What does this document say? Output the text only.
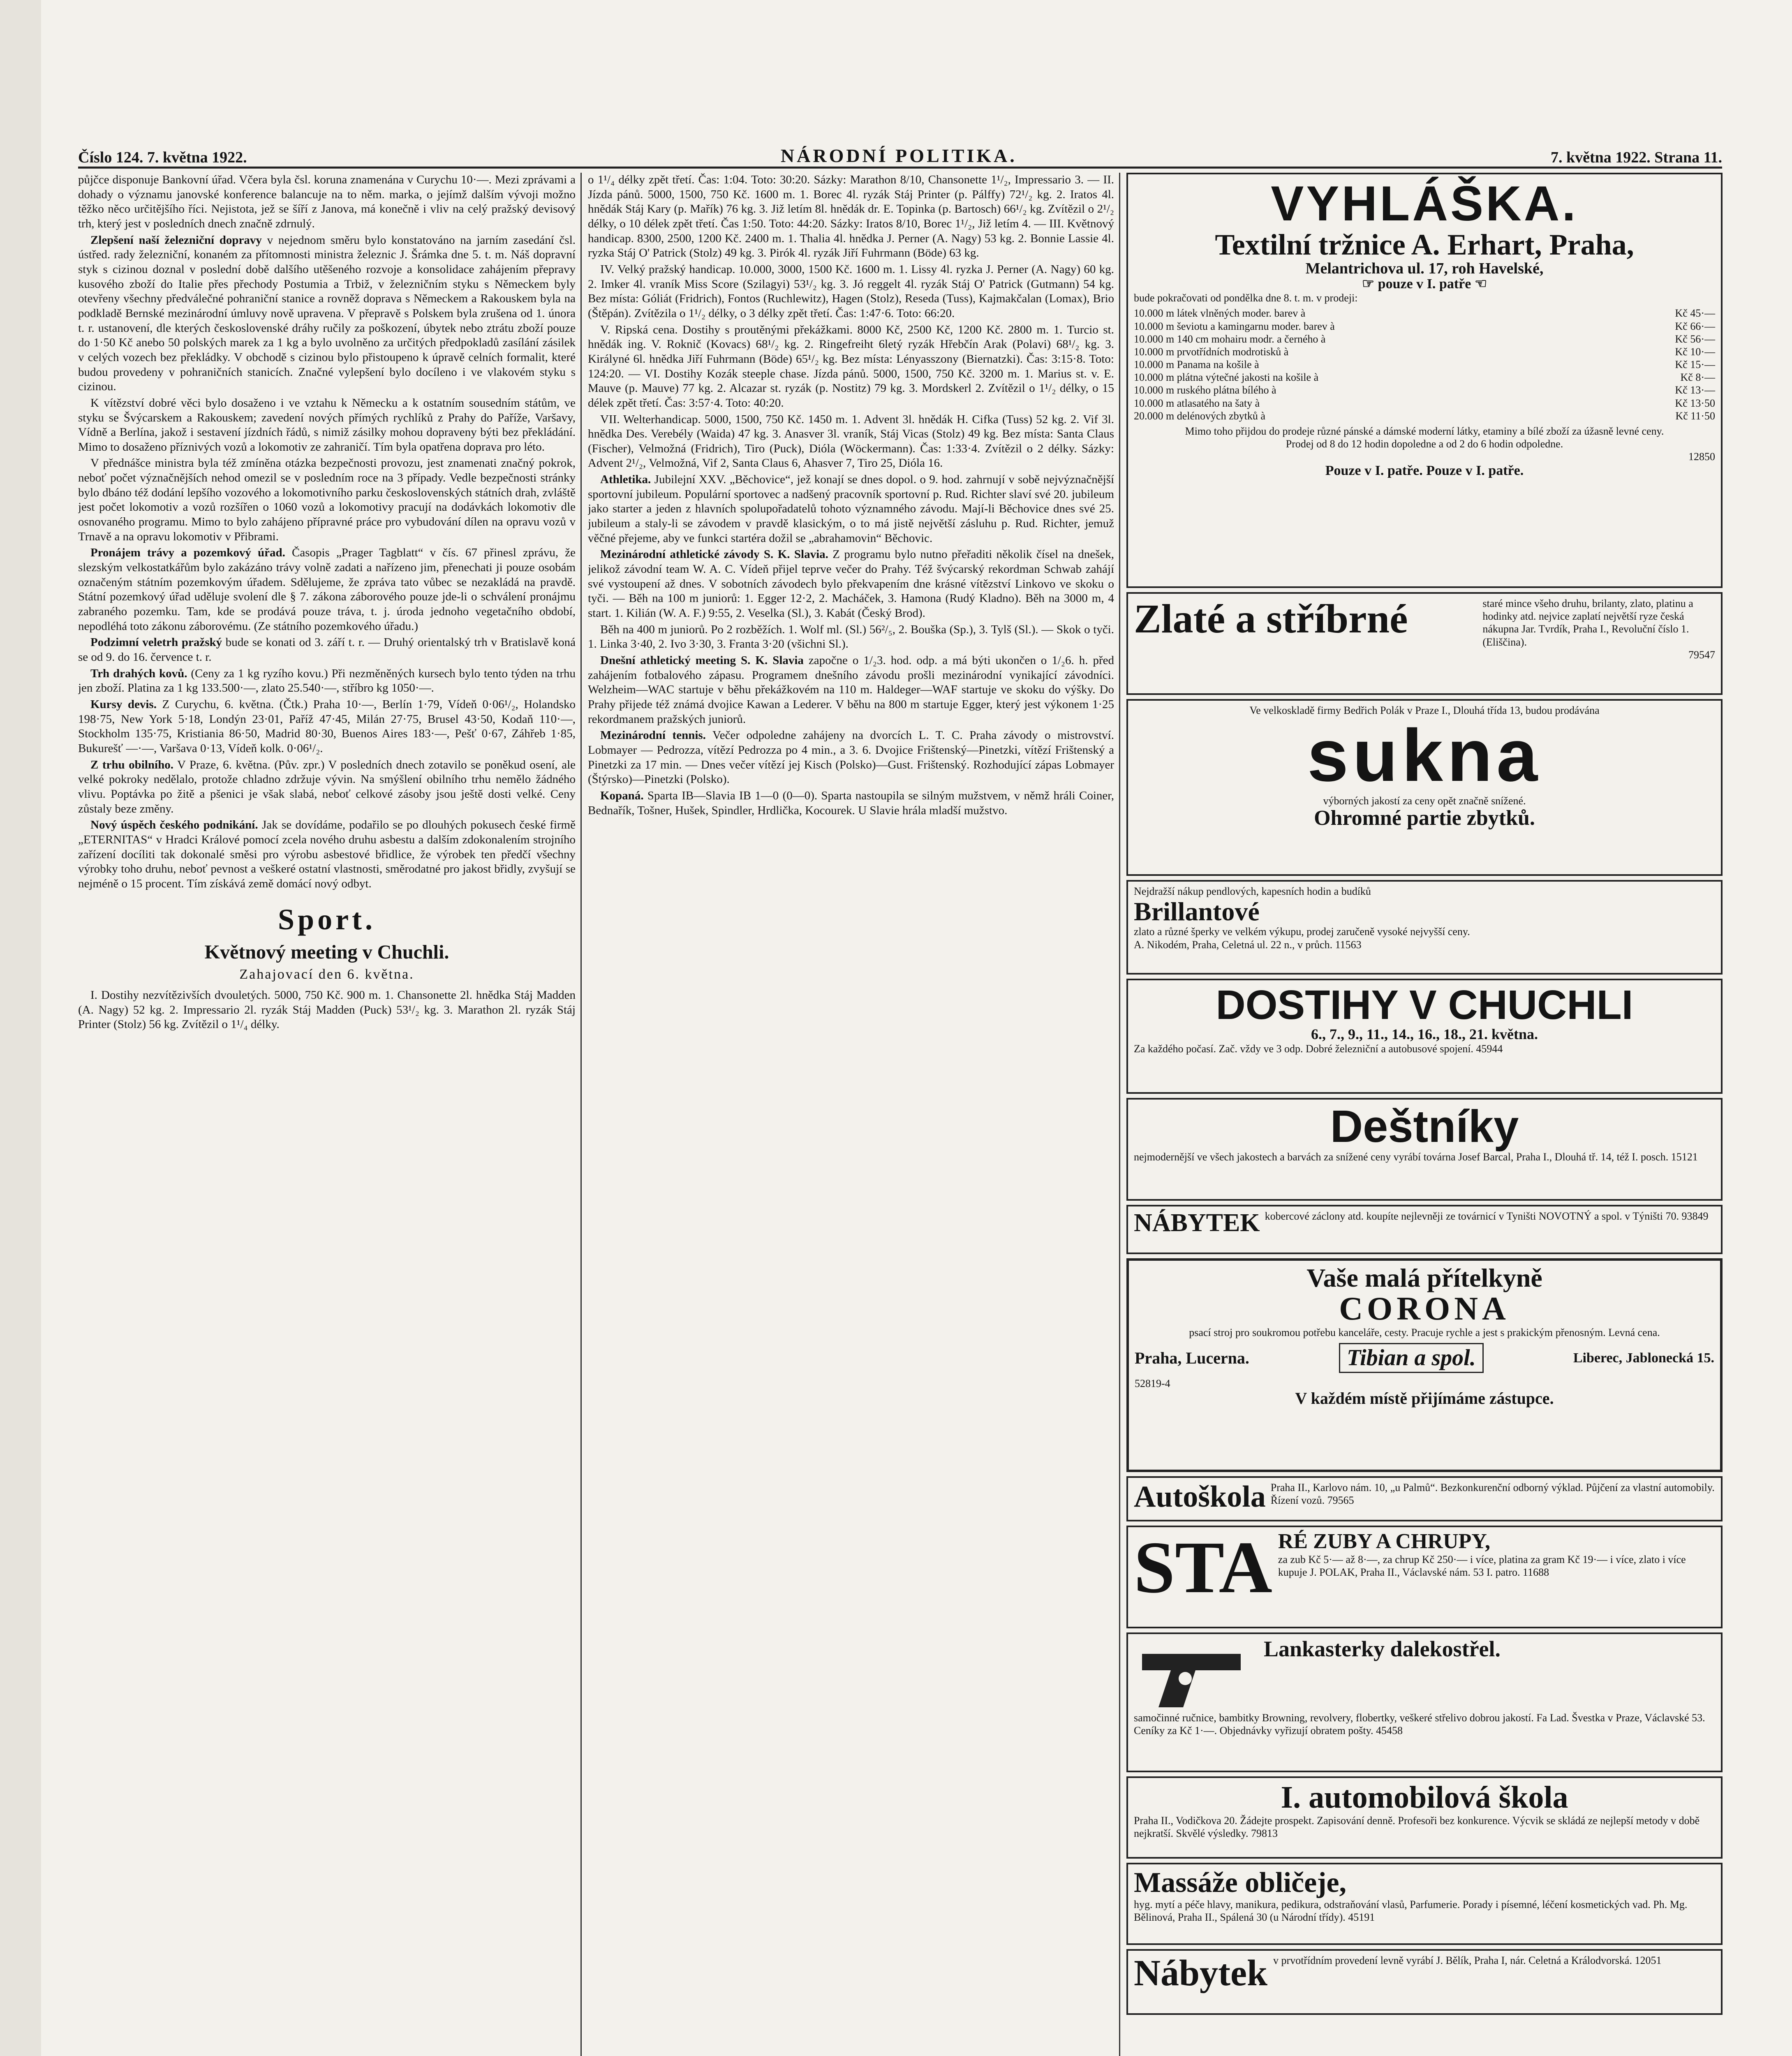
Číslo 124. 7. května 1922.	NÁRODNÍ POLITIKA.	7. května 1922. Strana 11.

půjčce disponuje Bankovní úřad. Včera byla čsl. koruna znamenána v Curychu 10·—. Mezi zprávami a dohady o významu janovské konference balancuje na to něm. marka, o jejímž dalším vývoji možno těžko něco určitějšího říci. Nejistota, jež se šíří z Janova, má konečně i vliv na celý pražský devisový trh, který jest v posledních dnech značně zdrnulý.

Zlepšení naší železniční dopravy v nejednom směru bylo konstatováno na jarním zasedání čsl. ústřed. rady železniční, konaném za přítomnosti ministra železnic J. Šrámka dne 5. t. m. Náš dopravní styk s cizinou doznal v poslední době dalšího utěšeného rozvoje a konsolidace zahájením přepravy kusového zboží do Italie přes přechody Postumia a Trbiž, v železničním styku s Německem byly otevřeny všechny předválečné pohraniční stanice a rovněž doprava s Německem a Rakouskem byla na podkladě Bernské mezinárodní úmluvy nově upravena. V přepravě s Polskem byla zrušena od 1. února t. r. ustanovení, dle kterých československé dráhy ručily za poškození, úbytek nebo ztrátu zboží pouze do 1·50 Kč anebo 50 polských marek za 1 kg a bylo uvolněno za určitých předpokladů zasílání zásilek v celých vozech bez překládky. V obchodě s cizinou bylo přistoupeno k úpravě celních formalit, které budou provedeny v pohraničních stanicích. Značné vylepšení bylo docíleno i ve vlakovém styku s cizinou.

K vítězství dobré věci bylo dosaženo i ve vztahu k Německu a k ostatním sousedním státům, ve styku se Švýcarskem a Rakouskem; zavedení nových přímých rychlíků z Prahy do Paříže, Varšavy, Vídně a Berlína, jakož i sestavení jízdních řádů, s nimiž zásilky mohou dopraveny býti bez překládání. Mimo to dosaženo příznivých vozů a lokomotiv ze zahraničí. Tím byla opatřena doprava pro léto.

V přednášce ministra byla též zmíněna otázka bezpečnosti provozu, jest znamenati značný pokrok, neboť počet význačnějších nehod omezil se v posledním roce na 3 případy. Vedle bezpečnosti stránky bylo dbáno též dodání lepšího vozového a lokomotivního parku československých státních drah, zvláště jest počet lokomotiv a vozů rozšířen o 1060 vozů a lokomotivy pracují na dodávkách lokomotiv dle osnovaného programu. Mimo to bylo zahájeno přípravné práce pro vybudování dílen na opravu vozů v Trnavě a na opravu lokomotiv v Přibrami.

Pronájem trávy a pozemkový úřad. Časopis „Prager Tagblatt“ v čís. 67 přinesl zprávu, že slezským velkostatkářům bylo zakázáno trávy volně zadati a nařízeno jim, přenechati ji pouze osobám označeným státním pozemkovým úřadem. Sdělujeme, že zpráva tato vůbec se nezakládá na pravdě. Státní pozemkový úřad uděluje svolení dle § 7. zákona záborového pouze jde-li o schválení pronájmu zabraného pozemku. Tam, kde se prodává pouze tráva, t. j. úroda jednoho vegetačního období, nepodléhá toto zákonu záborovému. (Ze státního pozemkového úřadu.)

Podzimní veletrh pražský bude se konati od 3. září t. r. — Druhý orientalský trh v Bratislavě koná se od 9. do 16. července t. r.

Trh drahých kovů. (Ceny za 1 kg ryzího kovu.) Při nezměněných kursech bylo tento týden na trhu jen zboží. Platina za 1 kg 133.500·—, zlato 25.540·—, stříbro kg 1050·—.

Kursy devis. Z Curychu, 6. května. (Čtk.) Praha 10·—, Berlín 1·79, Vídeň 0·06¹/₂, Holandsko 198·75, New York 5·18, Londýn 23·01, Paříž 47·45, Milán 27·75, Brusel 43·50, Kodaň 110·—, Stockholm 135·75, Kristiania 86·50, Madrid 80·30, Buenos Aires 183·—, Pešť 0·67, Záhřeb 1·85, Bukurešť —·—, Varšava 0·13, Vídeň kolk. 0·06¹/₂.

Z trhu obilního. V Praze, 6. května. (Pův. zpr.) V posledních dnech zotavilo se poněkud osení, ale velké pokroky nedělalo, protože chladno zdržuje vývin. Na smýšlení obilního trhu nemělo žádného vlivu. Poptávka po žitě a pšenici je však slabá, neboť celkové zásoby jsou ještě dosti velké. Ceny zůstaly beze změny.

Nový úspěch českého podnikání. Jak se dovídáme, podařilo se po dlouhých pokusech české firmě „ETERNITAS“ v Hradci Králové pomocí zcela nového druhu asbestu a dalším zdokonalením strojního zařízení docíliti tak dokonalé směsi pro výrobu asbestové břidlice, že výrobek ten předčí všechny výrobky toho druhu, neboť pevnost a veškeré ostatní vlastnosti, směrodatné pro jakost břidly, zvyšují se nejméně o 15 procent. Tím získává země domácí nový odbyt.

Sport.
Květnový meeting v Chuchli.
Zahajovací den 6. května.

I. Dostihy nezvítězivších dvouletých. 5000, 750 Kč. 900 m. 1. Chansonette 2l. hnědka Stáj Madden (A. Nagy) 52 kg. 2. Impressario 2l. ryzák Stáj Madden (Puck) 53¹/₂ kg. 3. Marathon 2l. ryzák Stáj Printer (Stolz) 56 kg. Zvítězil o 1¹/₄ délky.

o 1¹/₄ délky zpět třetí. Čas: 1:04. Toto: 30:20. Sázky: Marathon 8/10, Chansonette 1¹/₂, Impressario 3. — II. Jízda pánů. 5000, 1500, 750 Kč. 1600 m. 1. Borec 4l. ryzák Stáj Printer (p. Pálffy) 72¹/₂ kg. 2. Iratos 4l. hnědák Stáj Kary (p. Mařík) 76 kg. 3. Již letím 8l. hnědák dr. E. Topinka (p. Bartosch) 66¹/₂ kg. Zvítězil o 2¹/₂ délky, o 10 délek zpět třetí. Čas 1:50. Toto: 44:20. Sázky: Iratos 8/10, Borec 1¹/₂, Již letím 4. — III. Květnový handicap. 8300, 2500, 1200 Kč. 2400 m. 1. Thalia 4l. hnědka J. Perner (A. Nagy) 53 kg. 2. Bonnie Lassie 4l. ryzka Stáj O' Patrick (Stolz) 49 kg. 3. Pirók 4l. ryzák Jiří Fuhrmann (Böde) 63 kg.

IV. Velký pražský handicap. 10.000, 3000, 1500 Kč. 1600 m. 1. Lissy 4l. ryzka J. Perner (A. Nagy) 60 kg. 2. Imker 4l. vraník Miss Score (Szilagyi) 53¹/₂ kg. 3. Jó reggelt 4l. ryzák Stáj O' Patrick (Gutmann) 54 kg. Bez místa: Góliát (Fridrich), Fontos (Ruchlewitz), Hagen (Stolz), Reseda (Tuss), Kajmakčalan (Lomax), Brio (Štěpán). Zvítězila o 1¹/₂ délky, o 3 délky zpět třetí. Čas: 1:47·6. Toto: 66:20.

V. Ripská cena. Dostihy s proutěnými překážkami. 8000 Kč, 2500 Kč, 1200 Kč. 2800 m. 1. Turcio st. hnědák ing. V. Roknič (Kovacs) 68¹/₂ kg. 2. Ringefreiht 6letý ryzák Hřebčín Arak (Polavi) 68¹/₂ kg. 3. Királyné 6l. hnědka Jiří Fuhrmann (Böde) 65¹/₂ kg. Bez místa: Lényasszony (Biernatzki). Čas: 3:15·8. Toto: 124:20. — VI. Dostihy Kozák steeple chase. Jízda pánů. 5000, 1500, 750 Kč. 3200 m. 1. Marius st. v. E. Mauve (p. Mauve) 77 kg. 2. Alcazar st. ryzák (p. Nostitz) 79 kg. 3. Mordskerl 2. Zvítězil o 1¹/₂ délky, o 15 délek zpět třetí. Čas: 3:57·4. Toto: 40:20.

VII. Welterhandicap. 5000, 1500, 750 Kč. 1450 m. 1. Advent 3l. hnědák H. Cifka (Tuss) 52 kg. 2. Vif 3l. hnědka Des. Verebély (Waida) 47 kg. 3. Anasver 3l. vraník, Stáj Vicas (Stolz) 49 kg. Bez místa: Santa Claus (Fischer), Velmožná (Fridrich), Tiro (Puck), Dióla (Wöckermann). Čas: 1:33·4. Zvítězil o 2 délky. Sázky: Advent 2¹/₂, Velmožná, Vif 2, Santa Claus 6, Ahasver 7, Tiro 25, Dióla 16.

Athletika. Jubilejní XXV. „Běchovice“, jež konají se dnes dopol. o 9. hod. zahrnují v sobě nejvýznačnější sportovní jubileum. Populární sportovec a nadšený pracovník sportovní p. Rud. Richter slaví své 20. jubileum jako starter a jeden z hlavních spolupořadatelů tohoto významného závodu. Mají-li Běchovice dnes své 25. jubileum a staly-li se závodem v pravdě klasickým, o to má jistě největší zásluhu p. Rud. Richter, jemuž věčné přejeme, aby ve funkci startéra dožil se „abrahamovin“ Běchovic.

Mezinárodní athletické závody S. K. Slavia. Z programu bylo nutno přeřaditi několik čísel na dnešek, jelikož závodní team W. A. C. Vídeň přijel teprve večer do Prahy. Též švýcarský rekordman Schwab zahájí své vystoupení až dnes. V sobotních závodech bylo překvapením dne krásné vítězství Linkovo ve skoku o tyči. — Běh na 100 m juniorů: 1. Egger 12·2, 2. Macháček, 3. Hamona (Rudý Kladno). Běh na 3000 m, 4 start. 1. Kilián (W. A. F.) 9:55, 2. Veselka (Sl.), 3. Kabát (Český Brod).

Běh na 400 m juniorů. Po 2 rozběžích. 1. Wolf ml. (Sl.) 56²/₅, 2. Bouška (Sp.), 3. Tylš (Sl.). — Skok o tyči. 1. Linka 3·40, 2. Ivo 3·30, 3. Franta 3·20 (všichni Sl.).

Dnešní athletický meeting S. K. Slavia započne o 1/₂3. hod. odp. a má býti ukončen o 1/₂6. h. před zahájením fotbalového zápasu. Programem dnešního závodu prošli mezinárodní vynikající závodníci. Welzheim—WAC startuje v běhu překážkovém na 110 m. Haldeger—WAF startuje ve skoku do výšky. Do Prahy přijede též známá dvojice Kawan a Lederer. V běhu na 800 m startuje Egger, který jest výkonem 1·25 rekordmanem pražských juniorů.

Mezinárodní tennis. Večer odpoledne zahájeny na dvorcích L. T. C. Praha závody o mistrovství. Lobmayer — Pedrozza, vítězí Pedrozza po 4 min., a 3. 6. Dvojice Frištenský—Pinetzki, vítězí Frištenský a Pinetzki za 17 min. — Dnes večer vítězí jej Kisch (Polsko)—Gust. Frištenský. Rozhodující zápas Lobmayer (Štýrsko)—Pinetzki (Polsko).

Kopaná. Sparta IB—Slavia IB 1—0 (0—0). Sparta nastoupila se silným mužstvem, v němž hráli Coiner, Bednařík, Tošner, Hušek, Spindler, Hrdlička, Kocourek. U Slavie hrála mladší mužstvo.

VYHLÁŠKA.
Textilní tržnice A. Erhart, Praha,
Melantrichova ul. 17, roh Havelské,
☞ pouze v I. patře ☜
bude pokračovati od pondělka dne 8. t. m. v prodeji:
10.000 m látek vlněných moder. barev à	Kč 45·—
10.000 m ševiotu a kamingarnu moder. barev à	Kč 66·—
10.000 m 140 cm mohairu modr. a černého à	Kč 56·—
10.000 m prvotřídních modrotisků à	Kč 10·—
10.000 m Panama na košile à	Kč 15·—
10.000 m plátna výtečné jakosti na košile à	Kč 8·—
10.000 m ruského plátna bílého à	Kč 13·—
10.000 m atlasatého na šaty à	Kč 13·50
20.000 m delénových zbytků à	Kč 11·50
Mimo toho přijdou do prodeje různé pánské a dámské moderní látky, etaminy a bílé zboží za úžasně levné ceny.
Prodej od 8 do 12 hodin dopoledne a od 2 do 6 hodin odpoledne.
12850
Pouze v I. patře. Pouze v I. patře.
Zlaté a stříbrné	staré mince všeho druhu, brilanty, zlato, platinu a hodinky atd. nejvice zaplatí největší ryze česká nákupna Jar. Tvrdík, Praha I., Revoluční číslo 1. (Eliščina).
79547
Ve velkoskladě firmy Bedřich Polák v Praze I., Dlouhá třída 13, budou prodávána
sukna
výborných jakostí za ceny opět značně snížené.
Ohromné partie zbytků.
Nejdražší nákup pendlových, kapesních hodin a budíků
Brillantové
zlato a různé šperky ve velkém výkupu, prodej zaručeně vysoké nejvyšší ceny.
A. Nikodém, Praha, Celetná ul. 22 n., v průch. 11563
DOSTIHY V CHUCHLI
6., 7., 9., 11., 14., 16., 18., 21. května.
Za každého počasí. Zač. vždy ve 3 odp. Dobré železniční a autobusové spojení. 45944
Deštníky
nejmodernější ve všech jakostech a barvách za snížené ceny vyrábí továrna Josef Barcal, Praha I., Dlouhá tř. 14, též I. posch. 15121
NÁBYTEK kobercové záclony atd. koupíte nejlevněji ze továrnicí v Tyništi NOVOTNÝ a spol. v Týništi 70. 93849
Vaše malá přítelkyně
CORONA
psací stroj pro soukromou potřebu kanceláře, cesty. Pracuje rychle a jest s prakickým přenosným. Levná cena.
Praha, Lucerna.	Tibian a spol.	Liberec, Jablonecká 15.
52819-4
V každém místě přijímáme zástupce.
Autoškola Praha II., Karlovo nám. 10, „u Palmů“. Bezkonkurenční odborný výklad. Půjčení za vlastní automobily. Řízení vozů. 79565
STA RÉ ZUBY A CHRUPY,
za zub Kč 5·— až 8·—, za chrup Kč 250·— i více, platina za gram Kč 19·— i více, zlato i více kupuje J. POLAK, Praha II., Václavské nám. 53 I. patro. 11688
Lankasterky dalekostřel.
samočinné ručnice, bambitky Browning, revolvery, flobertky, veškeré střelivo dobrou jakostí. Fa Lad. Švestka v Praze, Václavské 53. Ceníky za Kč 1·—. Objednávky vyřizují obratem pošty. 45458
I. automobilová škola
Praha II., Vodičkova 20. Žádejte prospekt. Zapisování denně. Profesoři bez konkurence. Výcvik se skládá ze nejlepší metody v době nejkratší. Skvělé výsledky. 79813
Massáže obličeje,
hyg. mytí a péče hlavy, manikura, pedikura, odstraňování vlasů, Parfumerie. Porady i písemné, léčení kosmetických vad. Ph. Mg. Bělinová, Praha II., Spálená 30 (u Národní třídy). 45191
Nábytek v prvotřídním provedení levně vyrábí J. Bělík, Praha I, nár. Celetná a Králodvorská. 12051
